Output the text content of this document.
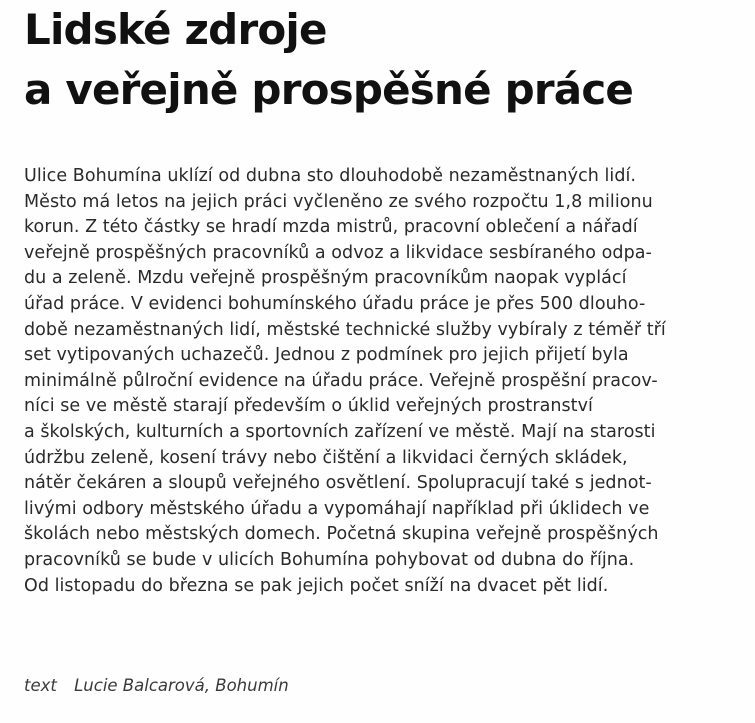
Lidské zdroje
a veřejně prospěšné práce
Ulice Bohumína uklízí od dubna sto dlouhodobě nezaměstnaných lidí.
Město má letos na jejich práci vyčleněno ze svého rozpočtu 1,8 milionu
korun. Z této částky se hradí mzda mistrů, pracovní oblečení a nářadí
veřejně prospěšných pracovníků a odvoz a likvidace sesbíraného odpa-
du a zeleně. Mzdu veřejně prospěšným pracovníkům naopak vyplácí
úřad práce. V evidenci bohumínského úřadu práce je přes 500 dlouho-
době nezaměstnaných lidí, městské technické služby vybíraly z téměř tří
set vytipovaných uchazečů. Jednou z podmínek pro jejich přijetí byla
minimálně půlroční evidence na úřadu práce. Veřejně prospěšní pracov-
níci se ve městě starají především o úklid veřejných prostranství
a školských, kulturních a sportovních zařízení ve městě. Mají na starosti
údržbu zeleně, kosení trávy nebo čištění a likvidaci černých skládek,
nátěr čekáren a sloupů veřejného osvětlení. Spolupracují také s jednot-
livými odbory městského úřadu a vypomáhají například při úklidech ve
školách nebo městských domech. Početná skupina veřejně prospěšných
pracovníků se bude v ulicích Bohumína pohybovat od dubna do října.
Od listopadu do března se pak jejich počet sníží na dvacet pět lidí.
text Lucie Balcarová, Bohumín
